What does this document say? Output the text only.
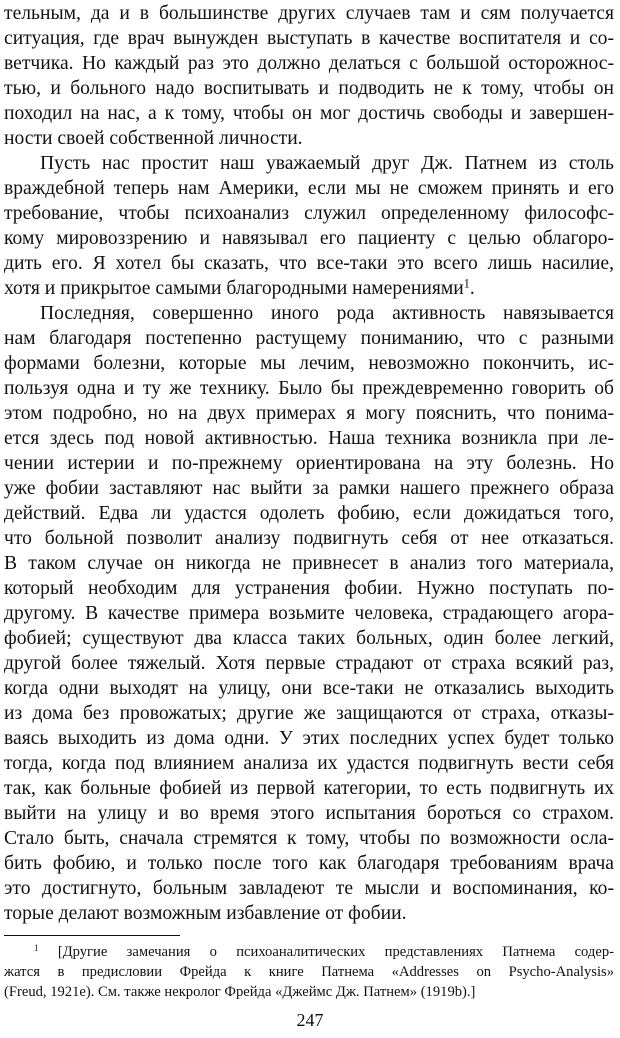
тельным, да и в большинстве других случаев там и сям получается
ситуация, где врач вынужден выступать в качестве воспитателя и со-
ветчика. Но каждый раз это должно делаться с большой осторожнос-
тью, и больного надо воспитывать и подводить не к тому, чтобы он
походил на нас, а к тому, чтобы он мог достичь свободы и завершен-
ности своей собственной личности.
Пусть нас простит наш уважаемый друг Дж. Патнем из столь
враждебной теперь нам Америки, если мы не сможем принять и его
требование, чтобы психоанализ служил определенному философс-
кому мировоззрению и навязывал его пациенту с целью облагоро-
дить его. Я хотел бы сказать, что все-таки это всего лишь насилие,
хотя и прикрытое самыми благородными намерениями$^1$.
Последняя, совершенно иного рода активность навязывается
нам благодаря постепенно растущему пониманию, что с разными
формами болезни, которые мы лечим, невозможно покончить, ис-
пользуя одна и ту же технику. Было бы преждевременно говорить об
этом подробно, но на двух примерах я могу пояснить, что понима-
ется здесь под новой активностью. Наша техника возникла при ле-
чении истерии и по-прежнему ориентирована на эту болезнь. Но
уже фобии заставляют нас выйти за рамки нашего прежнего образа
действий. Едва ли удастся одолеть фобию, если дожидаться того,
что больной позволит анализу подвигнуть себя от нее отказаться.
В таком случае он никогда не привнесет в анализ того материала,
который необходим для устранения фобии. Нужно поступать по-
другому. В качестве примера возьмите человека, страдающего агора-
фобией; существуют два класса таких больных, один более легкий,
другой более тяжелый. Хотя первые страдают от страха всякий раз,
когда одни выходят на улицу, они все-таки не отказались выходить
из дома без провожатых; другие же защищаются от страха, отказы-
ваясь выходить из дома одни. У этих последних успех будет только
тогда, когда под влиянием анализа их удастся подвигнуть вести себя
так, как больные фобией из первой категории, то есть подвигнуть их
выйти на улицу и во время этого испытания бороться со страхом.
Стало быть, сначала стремятся к тому, чтобы по возможности осла-
бить фобию, и только после того как благодаря требованиям врача
это достигнуто, больным завладеют те мысли и воспоминания, ко-
торые делают возможным избавление от фобии.
$^1$ [Другие замечания о психоаналитических представлениях Патнема содер-
жатся в предисловии Фрейда к книге Патнема «Addresses on Psycho-Analysis»
(Freud, 1921e). См. также некролог Фрейда «Джеймс Дж. Патнем» (1919b).]
247
